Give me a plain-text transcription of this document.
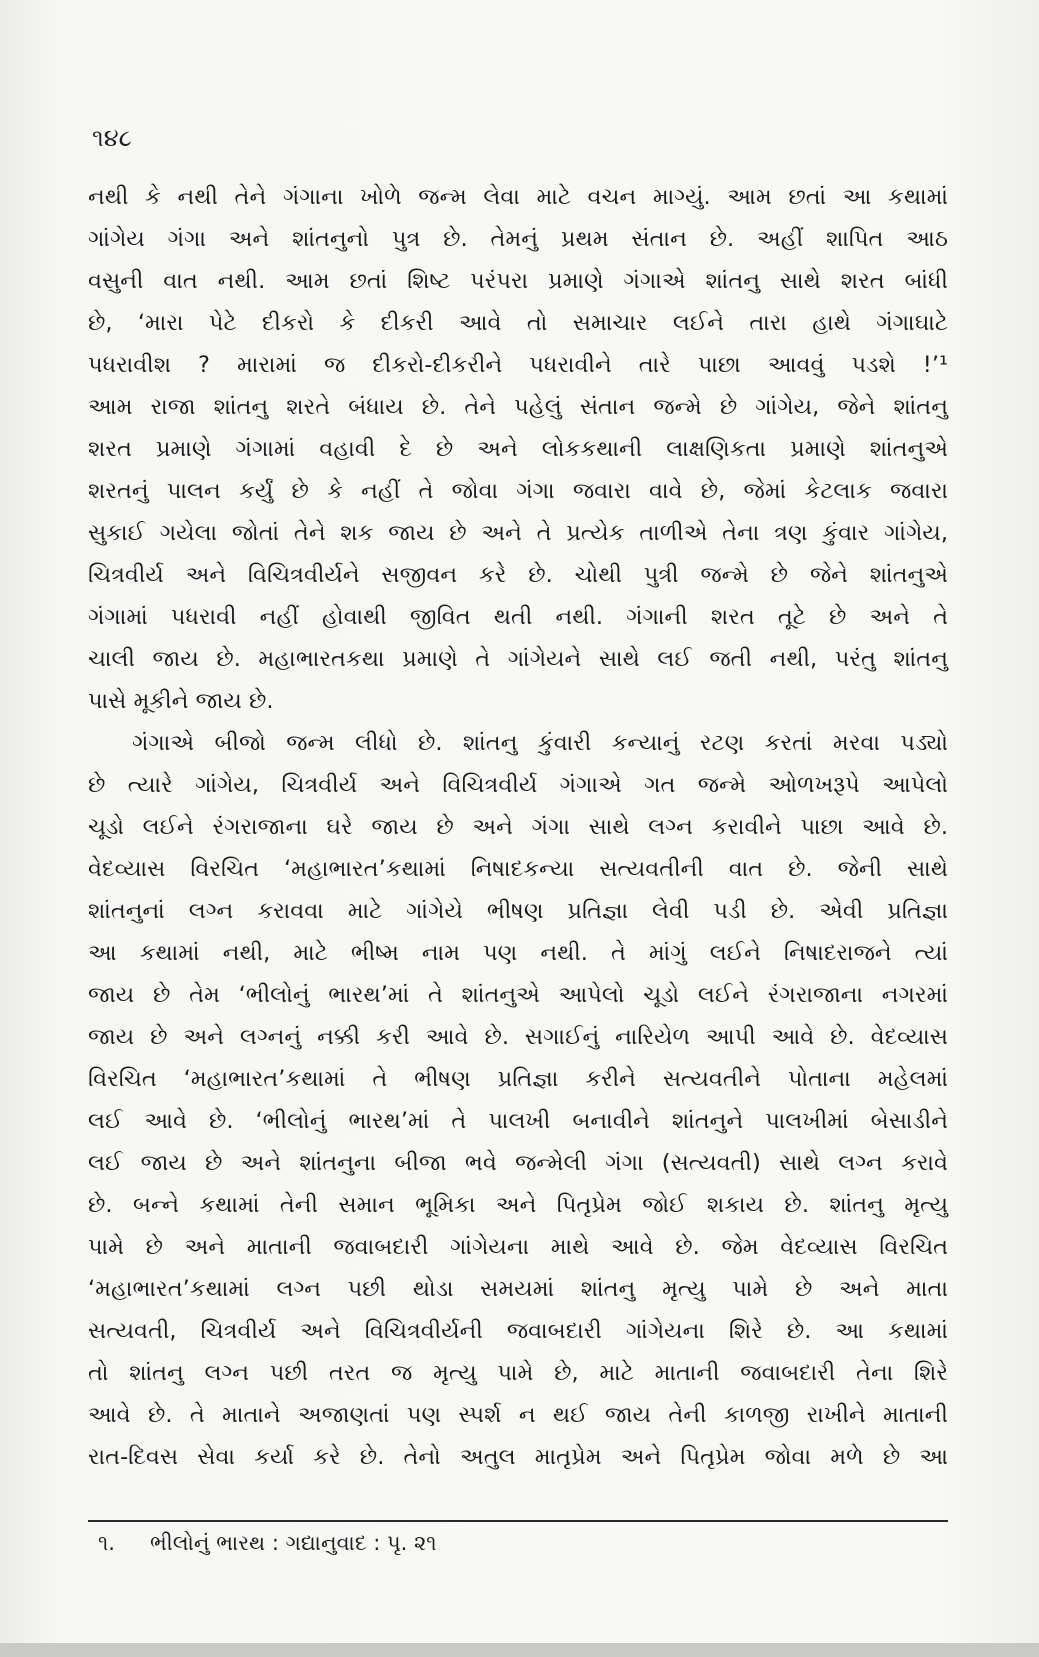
૧૪૮
નથી કે નથી તેને ગંગાના ખોળે જન્મ લેવા માટે વચન માગ્યું. આમ છતાં આ કથામાં
ગાંગેય ગંગા અને શાંતનુનો પુત્ર છે. તેમનું પ્રથમ સંતાન છે. અહીં શાપિત આઠ
વસુની વાત નથી. આમ છતાં શિષ્ટ પરંપરા પ્રમાણે ગંગાએ શાંતનુ સાથે શરત બાંધી
છે, ‘મારા પેટે દીકરો કે દીકરી આવે તો સમાચાર લઈને તારા હાથે ગંગાઘાટે
પધરાવીશ ? મારામાં જ દીકરો-દીકરીને પધરાવીને તારે પાછા આવવું પડશે !’¹
આમ રાજા શાંતનુ શરતે બંધાય છે. તેને પહેલું સંતાન જન્મે છે ગાંગેય, જેને શાંતનુ
શરત પ્રમાણે ગંગામાં વહાવી દે છે અને લોકકથાની લાક્ષણિકતા પ્રમાણે શાંતનુએ
શરતનું પાલન કર્યું છે કે નહીં તે જોવા ગંગા જવારા વાવે છે, જેમાં કેટલાક જવારા
સુકાઈ ગયેલા જોતાં તેને શક જાય છે અને તે પ્રત્યેક તાળીએ તેના ત્રણ કુંવાર ગાંગેય,
ચિત્રવીર્ય અને વિચિત્રવીર્યને સજીવન કરે છે. ચોથી પુત્રી જન્મે છે જેને શાંતનુએ
ગંગામાં પધરાવી નહીં હોવાથી જીવિત થતી નથી. ગંગાની શરત તૂટે છે અને તે
ચાલી જાય છે. મહાભારતકથા પ્રમાણે તે ગાંગેયને સાથે લઈ જતી નથી, પરંતુ શાંતનુ
પાસે મૂકીને જાય છે.
ગંગાએ બીજો જન્મ લીધો છે. શાંતનુ કુંવારી કન્યાનું રટણ કરતાં મરવા પડ્યો
છે ત્યારે ગાંગેય, ચિત્રવીર્ય અને વિચિત્રવીર્ય ગંગાએ ગત જન્મે ઓળખરૂપે આપેલો
ચૂડો લઈને રંગરાજાના ઘરે જાય છે અને ગંગા સાથે લગ્ન કરાવીને પાછા આવે છે.
વેદવ્યાસ વિરચિત ‘મહાભારત’કથામાં નિષાદકન્યા સત્યવતીની વાત છે. જેની સાથે
શાંતનુનાં લગ્ન કરાવવા માટે ગાંગેયે ભીષણ પ્રતિજ્ઞા લેવી પડી છે. એવી પ્રતિજ્ઞા
આ કથામાં નથી, માટે ભીષ્મ નામ પણ નથી. તે માંગું લઈને નિષાદરાજને ત્યાં
જાય છે તેમ ‘ભીલોનું ભારથ’માં તે શાંતનુએ આપેલો ચૂડો લઈને રંગરાજાના નગરમાં
જાય છે અને લગ્નનું નક્કી કરી આવે છે. સગાઈનું નારિયેળ આપી આવે છે. વેદવ્યાસ
વિરચિત ‘મહાભારત’કથામાં તે ભીષણ પ્રતિજ્ઞા કરીને સત્યવતીને પોતાના મહેલમાં
લઈ આવે છે. ‘ભીલોનું ભારથ’માં તે પાલખી બનાવીને શાંતનુને પાલખીમાં બેસાડીને
લઈ જાય છે અને શાંતનુના બીજા ભવે જન્મેલી ગંગા (સત્યવતી) સાથે લગ્ન કરાવે
છે. બન્ને કથામાં તેની સમાન ભૂમિકા અને પિતૃપ્રેમ જોઈ શકાય છે. શાંતનુ મૃત્યુ
પામે છે અને માતાની જવાબદારી ગાંગેયના માથે આવે છે. જેમ વેદવ્યાસ વિરચિત
‘મહાભારત’કથામાં લગ્ન પછી થોડા સમયમાં શાંતનુ મૃત્યુ પામે છે અને માતા
સત્યવતી, ચિત્રવીર્ય અને વિચિત્રવીર્યની જવાબદારી ગાંગેયના શિરે છે. આ કથામાં
તો શાંતનુ લગ્ન પછી તરત જ મૃત્યુ પામે છે, માટે માતાની જવાબદારી તેના શિરે
આવે છે. તે માતાને અજાણતાં પણ સ્પર્શ ન થઈ જાય તેની કાળજી રાખીને માતાની
રાત-દિવસ સેવા કર્યા કરે છે. તેનો અતુલ માતૃપ્રેમ અને પિતૃપ્રેમ જોવા મળે છે આ
૧. ભીલોનું ભારથ : ગદ્યાનુવાદ : પૃ. ૨૧
